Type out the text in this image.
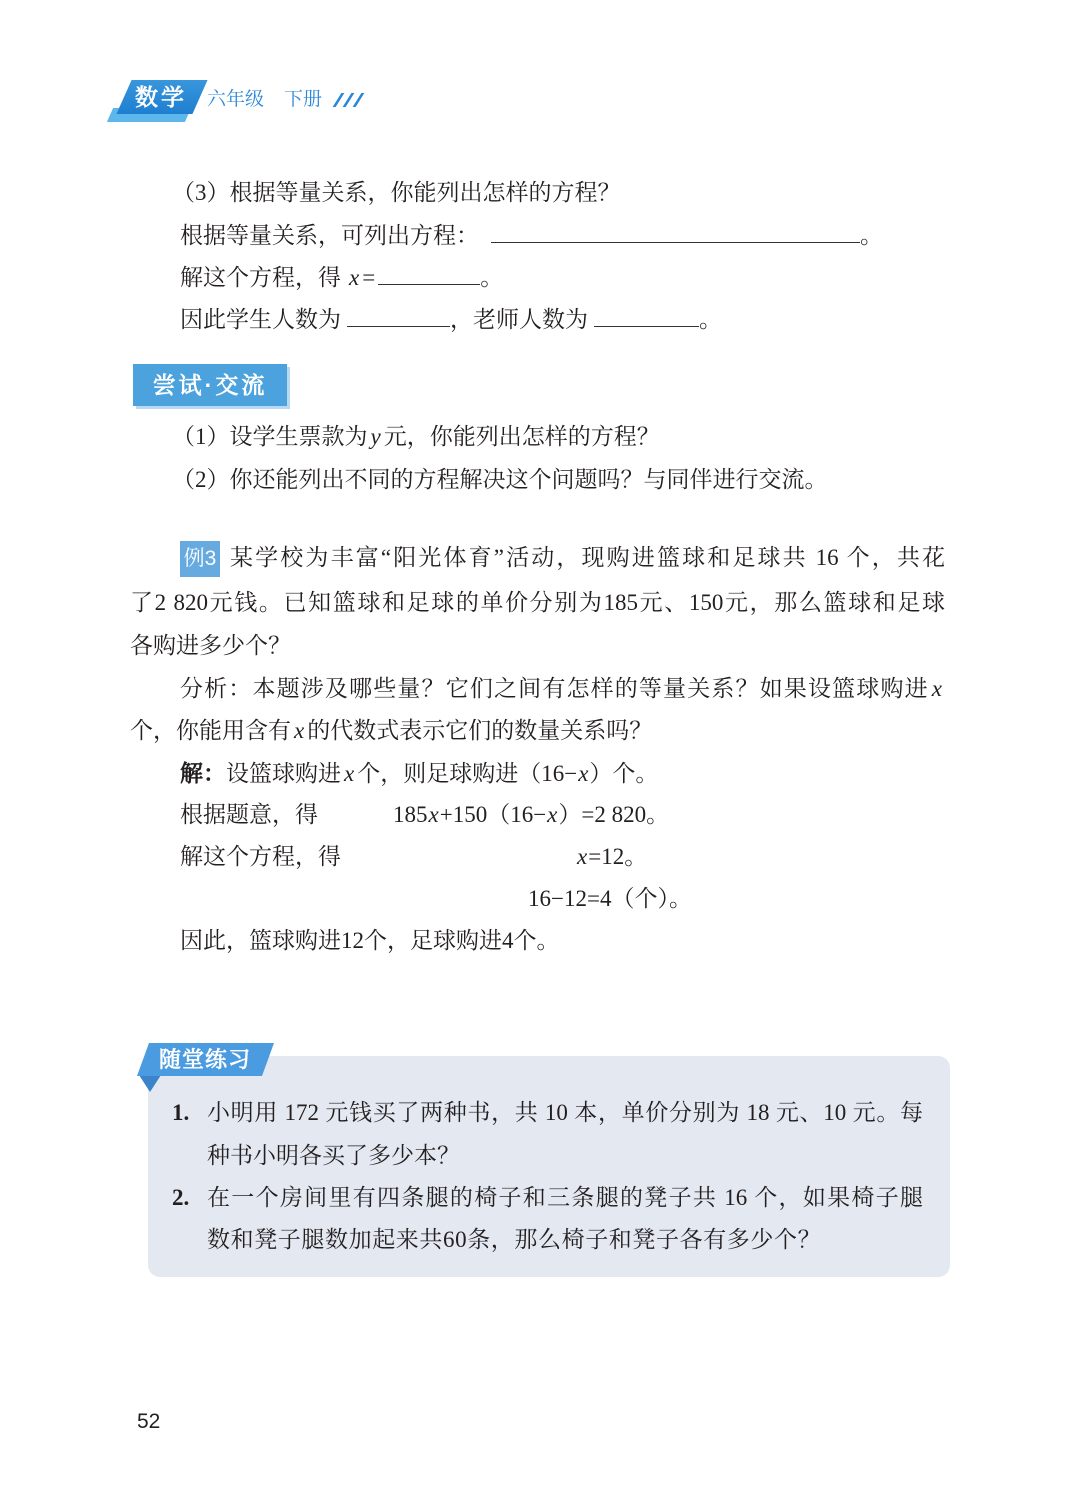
数学	六年级 下册
（3）根据等量关系，你能列出怎样的方程？
根据等量关系，可列出方程：	。
解这个方程，得 x =	。
因此学生人数为	，老师人数为	。
尝试·交流
（1）设学生票款为 y 元，你能列出怎样的方程？
（2）你还能列出不同的方程解决这个问题吗？与同伴进行交流。
例3 某学校为丰富“阳光体育”活动，现购进篮球和足球共 16 个，共花
了2 820元钱。已知篮球和足球的单价分别为185元、150元，那么篮球和足球
各购进多少个？
分析：本题涉及哪些量？它们之间有怎样的等量关系？如果设篮球购进 x
个，你能用含有 x 的代数式表示它们的数量关系吗？
解：设篮球购进 x 个，则足球购进（16−x）个。
根据题意，得	185x+150（16−x）=2 820。
解这个方程，得	x=12。
16−12=4（个）。
因此，篮球购进12个，足球购进4个。
随堂练习
1. 小明用 172 元钱买了两种书，共 10 本，单价分别为 18 元、10 元。每
种书小明各买了多少本？
2. 在一个房间里有四条腿的椅子和三条腿的凳子共 16 个，如果椅子腿
数和凳子腿数加起来共60条，那么椅子和凳子各有多少个？
52
